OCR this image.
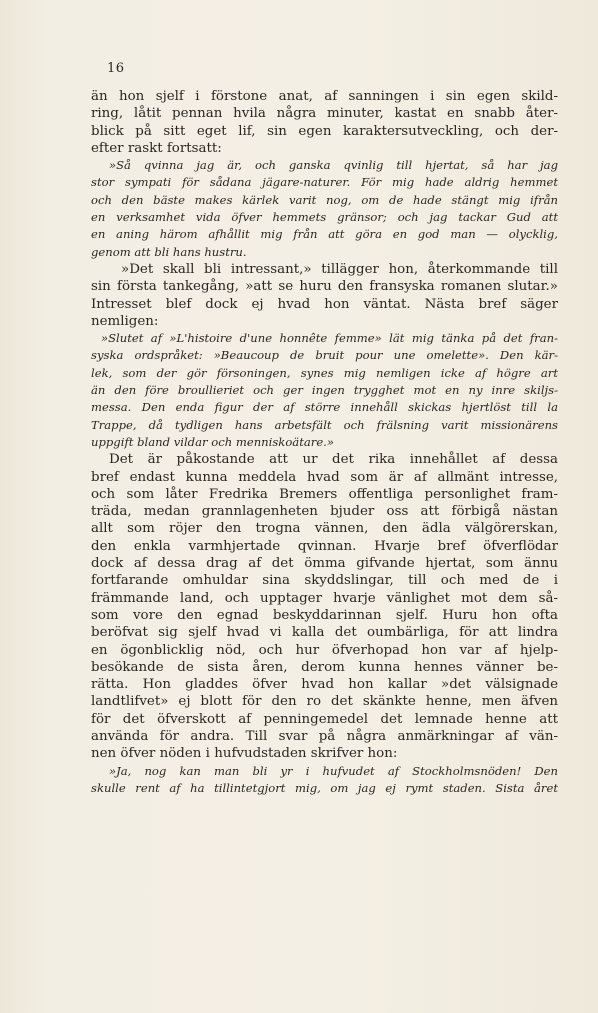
16
än hon sjelf i förstone anat, af sanningen i sin egen skild-
ring, låtit pennan hvila några minuter, kastat en snabb åter-
blick på sitt eget lif, sin egen karaktersutveckling, och der-
efter raskt fortsatt:
»Så qvinna jag är, och ganska qvinlig till hjertat, så har jag
stor sympati för sådana jägare-naturer. För mig hade aldrig hemmet
och den bäste makes kärlek varit nog, om de hade stängt mig ifrån
en verksamhet vida öfver hemmets gränsor; och jag tackar Gud att
en aning härom afhållit mig från att göra en god man — olycklig,
genom att bli hans hustru.
»Det skall bli intressant,» tillägger hon, återkommande till
sin första tankegång, »att se huru den fransyska romanen slutar.»
Intresset blef dock ej hvad hon väntat. Nästa bref säger
nemligen:
»Slutet af »L'histoire d'une honnête femme» lät mig tänka på det fran-
syska ordspråket: »Beaucoup de bruit pour une omelette». Den kär-
lek, som der gör försoningen, synes mig nemligen icke af högre art
än den före broullieriet och ger ingen trygghet mot en ny inre skiljs-
messa. Den enda figur der af större innehåll skickas hjertlöst till la
Trappe, då tydligen hans arbetsfält och frälsning varit missionärens
uppgift bland vildar och menniskoätare.»
Det är påkostande att ur det rika innehållet af dessa
bref endast kunna meddela hvad som är af allmänt intresse,
och som låter Fredrika Bremers offentliga personlighet fram-
träda, medan grannlagenheten bjuder oss att förbigå nästan
allt som röjer den trogna vännen, den ädla välgörerskan,
den enkla varmhjertade qvinnan. Hvarje bref öfverflödar
dock af dessa drag af det ömma gifvande hjertat, som ännu
fortfarande omhuldar sina skyddslingar, till och med de i
främmande land, och upptager hvarje vänlighet mot dem så-
som vore den egnad beskyddarinnan sjelf. Huru hon ofta
beröfvat sig sjelf hvad vi kalla det oumbärliga, för att lindra
en ögonblicklig nöd, och hur öfverhopad hon var af hjelp-
besökande de sista åren, derom kunna hennes vänner be-
rätta. Hon gladdes öfver hvad hon kallar »det välsignade
landtlifvet» ej blott för den ro det skänkte henne, men äfven
för det öfverskott af penningemedel det lemnade henne att
använda för andra. Till svar på några anmärkningar af vän-
nen öfver nöden i hufvudstaden skrifver hon:
»Ja, nog kan man bli yr i hufvudet af Stockholmsnöden! Den
skulle rent af ha tillintetgjort mig, om jag ej rymt staden. Sista året
